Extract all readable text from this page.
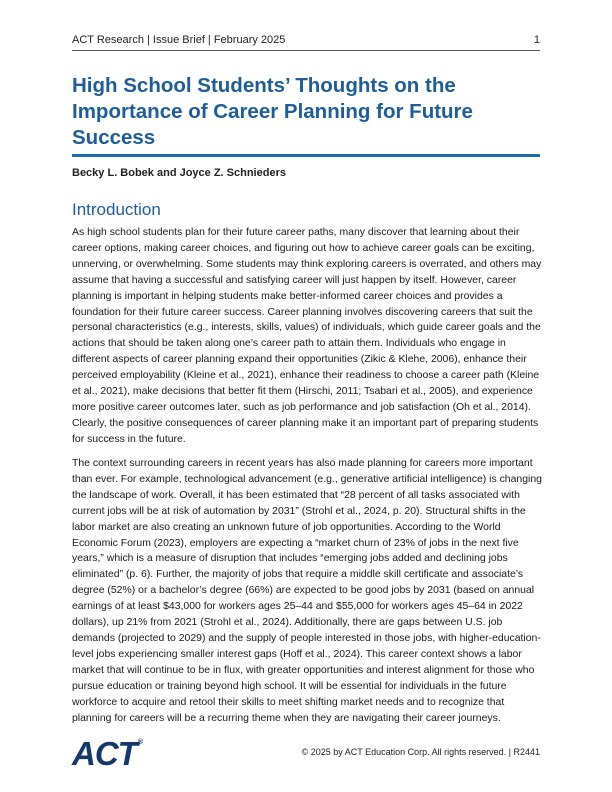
ACT Research | Issue Brief | February 2025	1
High School Students’ Thoughts on the Importance of Career Planning for Future Success
Becky L. Bobek and Joyce Z. Schnieders
Introduction

As high school students plan for their future career paths, many discover that learning about their career options, making career choices, and figuring out how to achieve career goals can be exciting, unnerving, or overwhelming. Some students may think exploring careers is overrated, and others may assume that having a successful and satisfying career will just happen by itself. However, career planning is important in helping students make better-informed career choices and provides a foundation for their future career success. Career planning involves discovering careers that suit the personal characteristics (e.g., interests, skills, values) of individuals, which guide career goals and the actions that should be taken along one’s career path to attain them. Individuals who engage in different aspects of career planning expand their opportunities (Zikic & Klehe, 2006), enhance their perceived employability (Kleine et al., 2021), enhance their readiness to choose a career path (Kleine et al., 2021), make decisions that better fit them (Hirschi, 2011; Tsabari et al., 2005), and experience more positive career outcomes later, such as job performance and job satisfaction (Oh et al., 2014). Clearly, the positive consequences of career planning make it an important part of preparing students for success in the future.

The context surrounding careers in recent years has also made planning for careers more important than ever. For example, technological advancement (e.g., generative artificial intelligence) is changing the landscape of work. Overall, it has been estimated that “28 percent of all tasks associated with current jobs will be at risk of automation by 2031” (Strohl et al., 2024, p. 20). Structural shifts in the labor market are also creating an unknown future of job opportunities. According to the World Economic Forum (2023), employers are expecting a “market churn of 23% of jobs in the next five years,” which is a measure of disruption that includes “emerging jobs added and declining jobs eliminated” (p. 6). Further, the majority of jobs that require a middle skill certificate and associate’s degree (52%) or a bachelor’s degree (66%) are expected to be good jobs by 2031 (based on annual earnings of at least $43,000 for workers ages 25–44 and $55,000 for workers ages 45–64 in 2022 dollars), up 21% from 2021 (Strohl et al., 2024). Additionally, there are gaps between U.S. job demands (projected to 2029) and the supply of people interested in those jobs, with higher-education-level jobs experiencing smaller interest gaps (Hoff et al., 2024). This career context shows a labor market that will continue to be in flux, with greater opportunities and interest alignment for those who pursue education or training beyond high school. It will be essential for individuals in the future workforce to acquire and retool their skills to meet shifting market needs and to recognize that planning for careers will be a recurring theme when they are navigating their career journeys.

ACT®
© 2025 by ACT Education Corp. All rights reserved. | R2441
